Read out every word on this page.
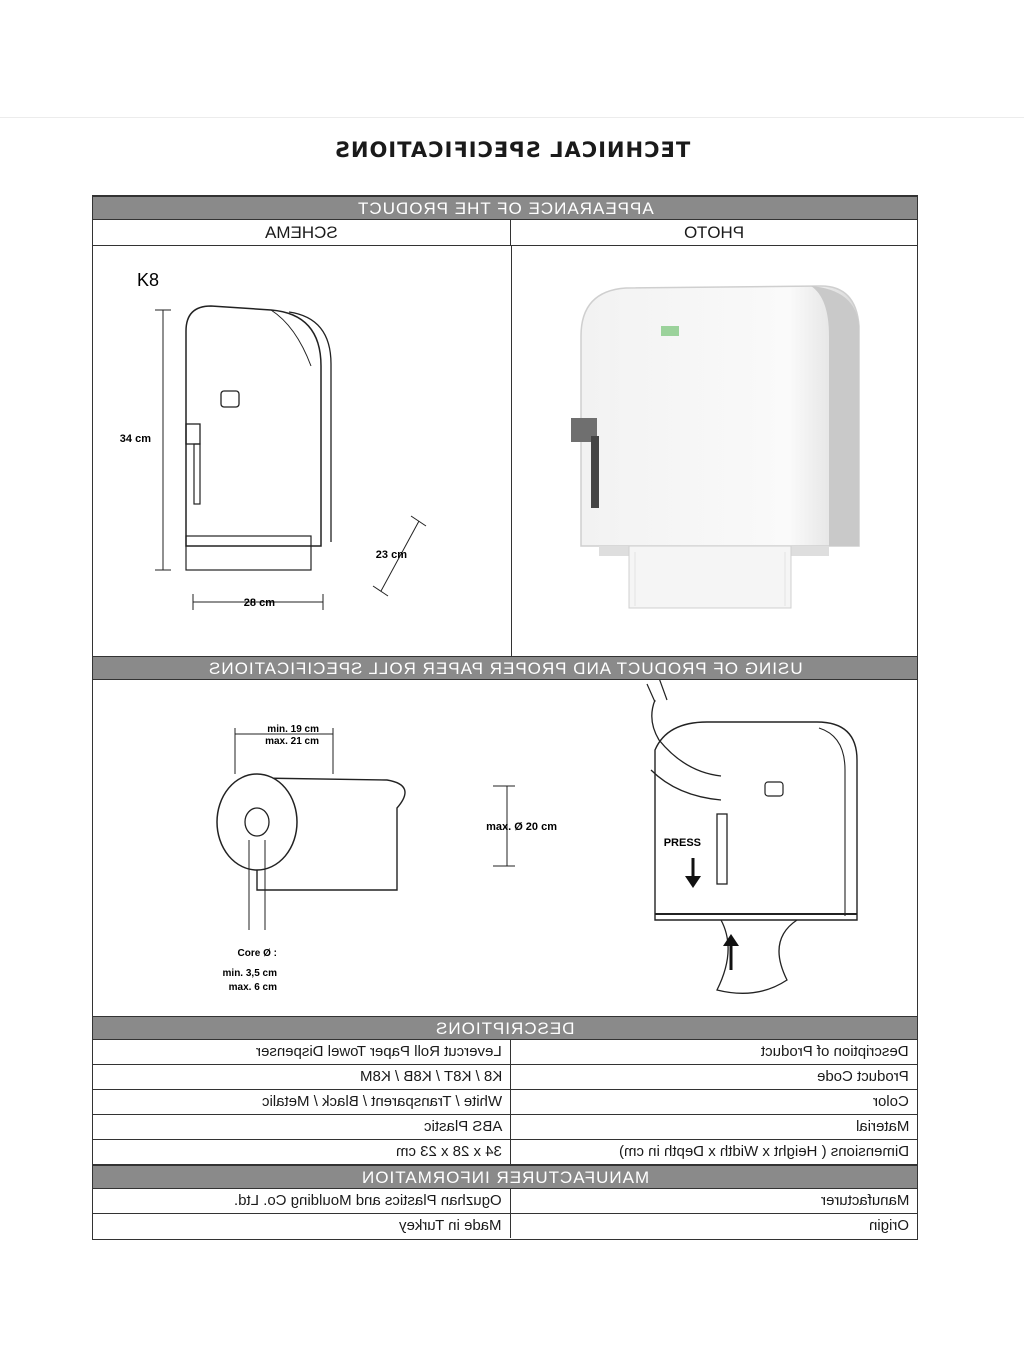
TECHNICAL SPECIFICATIONS
APPEARANCE OF THE PRODUCT
SCHEMA	PHOTO
K8
34 cm
28 cm
23 cm
USING OF PRODUCT AND PROPER PAPER ROLL SPECIFICATIONS
min. 19 cm
max. 21 cm
max. Ø 20 cm
Core Ø :
min. 3,5 cm
max. 6 cm
PRESS
DESCRIPTIONS
Levercut Roll Paper Towel Dispenser	Description of Product
K8 / K8T / K8B / K8M	Product Code
White / Transparent / Black / Metalic	Color
ABS Plastic	Material
34 x 28 x 23 cm	Dimensions ( Height x Width x Depth in cm)
MANUFACTURER INFORMATION
Oguzhan Plastics and Moulding Co. Ltd.	Manufacturer
Made in Turkey	Origin
